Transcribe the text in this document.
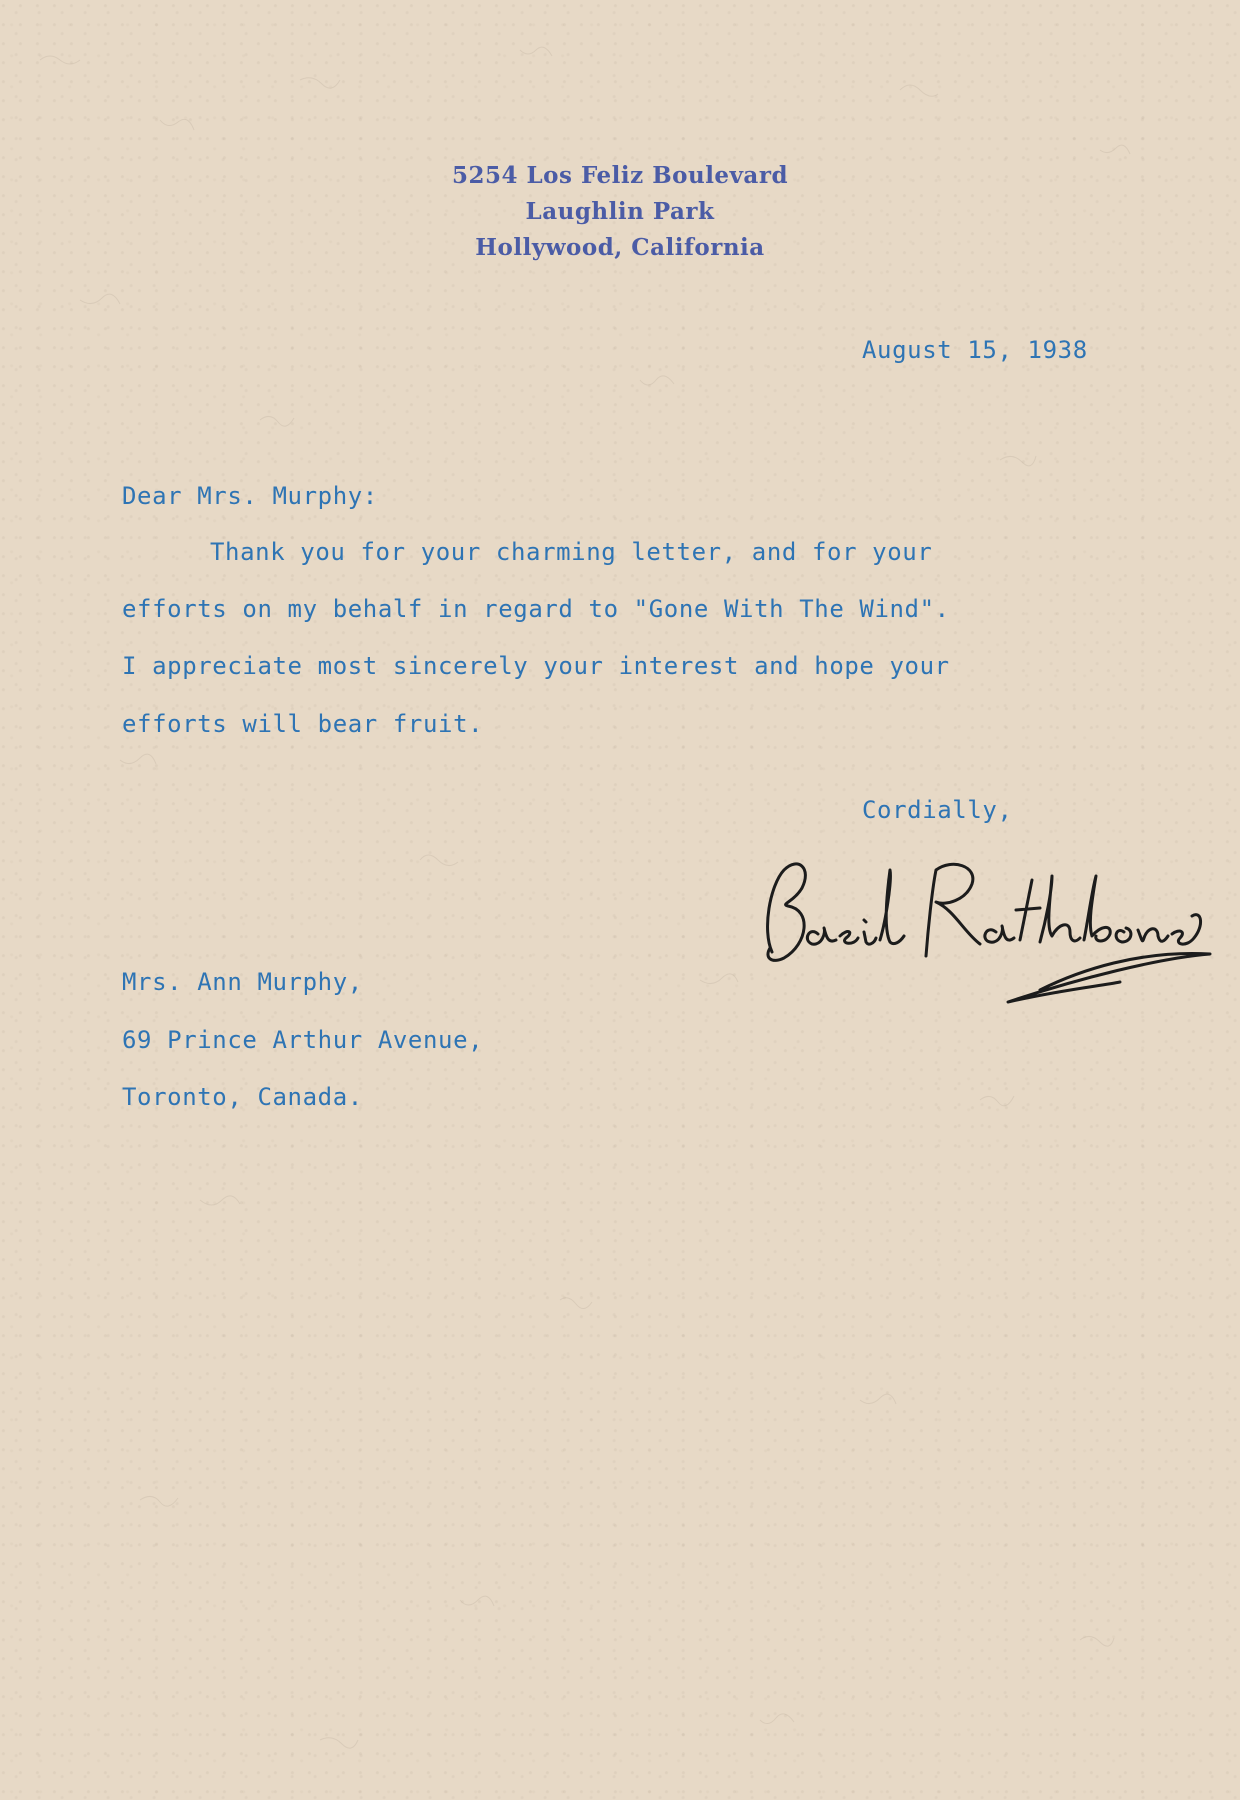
5254 Los Feliz Boulevard
Laughlin Park
Hollywood, California
August 15, 1938
Dear Mrs. Murphy:
Thank you for your charming letter, and for your
efforts on my behalf in regard to "Gone With The Wind".
I appreciate most sincerely your interest and hope your
efforts will bear fruit.
Cordially,
Mrs. Ann Murphy,
69 Prince Arthur Avenue,
Toronto, Canada.
